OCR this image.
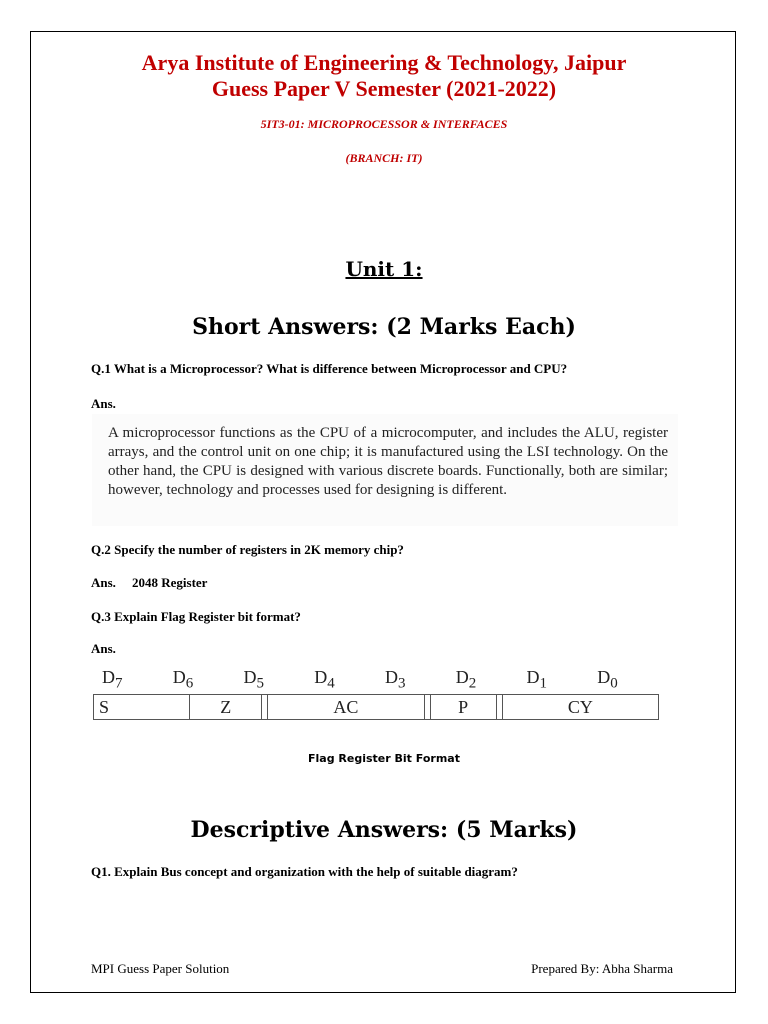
Arya Institute of Engineering & Technology, Jaipur
Guess Paper V Semester (2021-2022)
5IT3-01: MICROPROCESSOR & INTERFACES
(BRANCH: IT)
Unit 1:
Short Answers: (2 Marks Each)
Q.1 What is a Microprocessor? What is difference between Microprocessor and CPU?
Ans.
A microprocessor functions as the CPU of a microcomputer, and includes the ALU, register arrays, and the control unit on one chip; it is manufactured using the LSI technology. On the other hand, the CPU is designed with various discrete boards. Functionally, both are similar; however, technology and processes used for designing is different.
Q.2 Specify the number of registers in 2K memory chip?
Ans. 2048 Register
Q.3 Explain Flag Register bit format?
Ans.
$D_7$	$D_6$	$D_5$	$D_4$	$D_3$	$D_2$	$D_1$	$D_0$
S	Z		AC		P		CY
Flag Register Bit Format
Descriptive Answers: (5 Marks)
Q1. Explain Bus concept and organization with the help of suitable diagram?
MPI Guess Paper Solution	Prepared By: Abha Sharma
